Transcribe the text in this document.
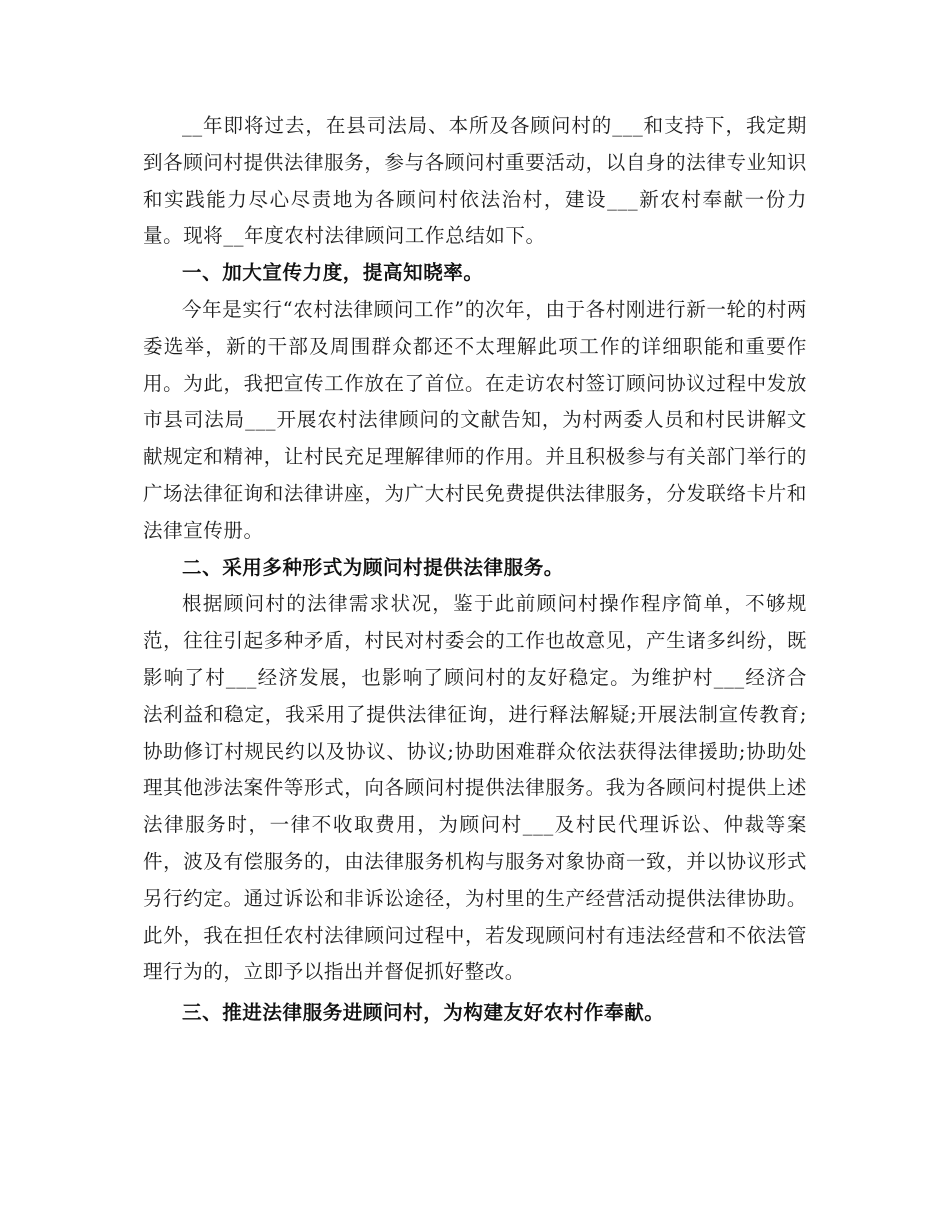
__年即将过去，在县司法局、本所及各顾问村的___和支持下，我定期到各顾问村提供法律服务，参与各顾问村重要活动，以自身的法律专业知识和实践能力尽心尽责地为各顾问村依法治村，建设___新农村奉献一份力量。现将__年度农村法律顾问工作总结如下。

一、加大宣传力度，提高知晓率。

今年是实行“农村法律顾问工作”的次年，由于各村刚进行新一轮的村两委选举，新的干部及周围群众都还不太理解此项工作的详细职能和重要作用。为此，我把宣传工作放在了首位。在走访农村签订顾问协议过程中发放市县司法局___开展农村法律顾问的文献告知，为村两委人员和村民讲解文献规定和精神，让村民充足理解律师的作用。并且积极参与有关部门举行的广场法律征询和法律讲座，为广大村民免费提供法律服务，分发联络卡片和法律宣传册。

二、采用多种形式为顾问村提供法律服务。

根据顾问村的法律需求状况，鉴于此前顾问村操作程序简单，不够规范，往往引起多种矛盾，村民对村委会的工作也故意见，产生诸多纠纷，既影响了村___经济发展，也影响了顾问村的友好稳定。为维护村___经济合法利益和稳定，我采用了提供法律征询，进行释法解疑;开展法制宣传教育;协助修订村规民约以及协议、协议;协助困难群众依法获得法律援助;协助处理其他涉法案件等形式，向各顾问村提供法律服务。我为各顾问村提供上述法律服务时，一律不收取费用，为顾问村___及村民代理诉讼、仲裁等案件，波及有偿服务的，由法律服务机构与服务对象协商一致，并以协议形式另行约定。通过诉讼和非诉讼途径，为村里的生产经营活动提供法律协助。此外，我在担任农村法律顾问过程中，若发现顾问村有违法经营和不依法管理行为的，立即予以指出并督促抓好整改。

三、推进法律服务进顾问村，为构建友好农村作奉献。
